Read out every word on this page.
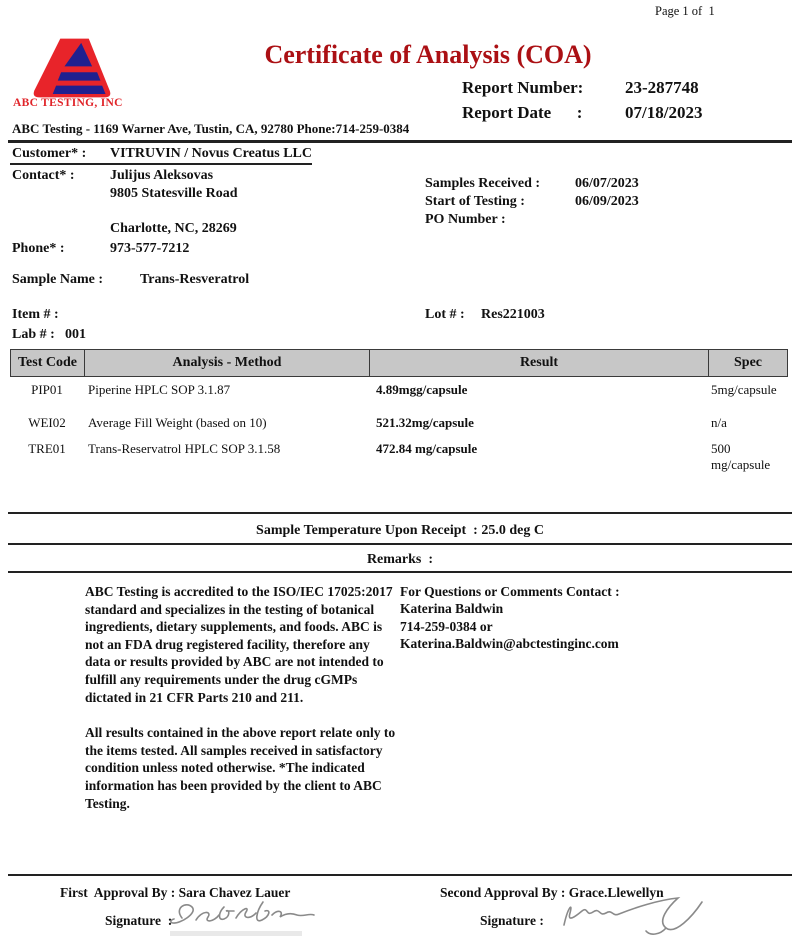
Page 1 of  1
ABC TESTING, INC
Certificate of Analysis (COA)
Report Number: 23-287748
Report Date      :	07/18/2023
ABC Testing - 1169 Warner Ave, Tustin, CA, 92780 Phone:714-259-0384
Customer* : VITRUVIN / Novus Creatus LLC
Contact* :	Julijus Aleksovas
9805 Statesville Road
Charlotte, NC, 28269
Phone* :	973-577-7212
Sample Name :	Trans-Resveratrol
Samples Received : 06/07/2023
Start of Testing :	06/09/2023
PO Number :
Item # :	Lot # : Res221003
Lab # : 001
Test Code	Analysis - Method	Result	Spec
PIP01	Piperine HPLC SOP 3.1.87	4.89mgg/capsule	5mg/capsule
WEI02	Average Fill Weight (based on 10)	521.32mg/capsule	n/a
TRE01	Trans-Reservatrol HPLC SOP 3.1.58	472.84 mg/capsule	500 mg/capsule
Sample Temperature Upon Receipt  : 25.0 deg C
Remarks  :

ABC Testing is accredited to the ISO/IEC 17025:2017 standard and specializes in the testing of botanical ingredients, dietary supplements, and foods. ABC is not an FDA drug registered facility, therefore any data or results provided by ABC are not intended to fulfill any requirements under the drug cGMPs dictated in 21 CFR Parts 210 and 211.

All results contained in the above report relate only to the items tested. All samples received in satisfactory condition unless noted otherwise. *The indicated information has been provided by the client to ABC Testing.

For Questions or Comments Contact :
Katerina Baldwin
714-259-0384 or
Katerina.Baldwin@abctestinginc.com
First  Approval By : Sara Chavez Lauer	Second Approval By : Grace.Llewellyn
Signature  :	Signature :
